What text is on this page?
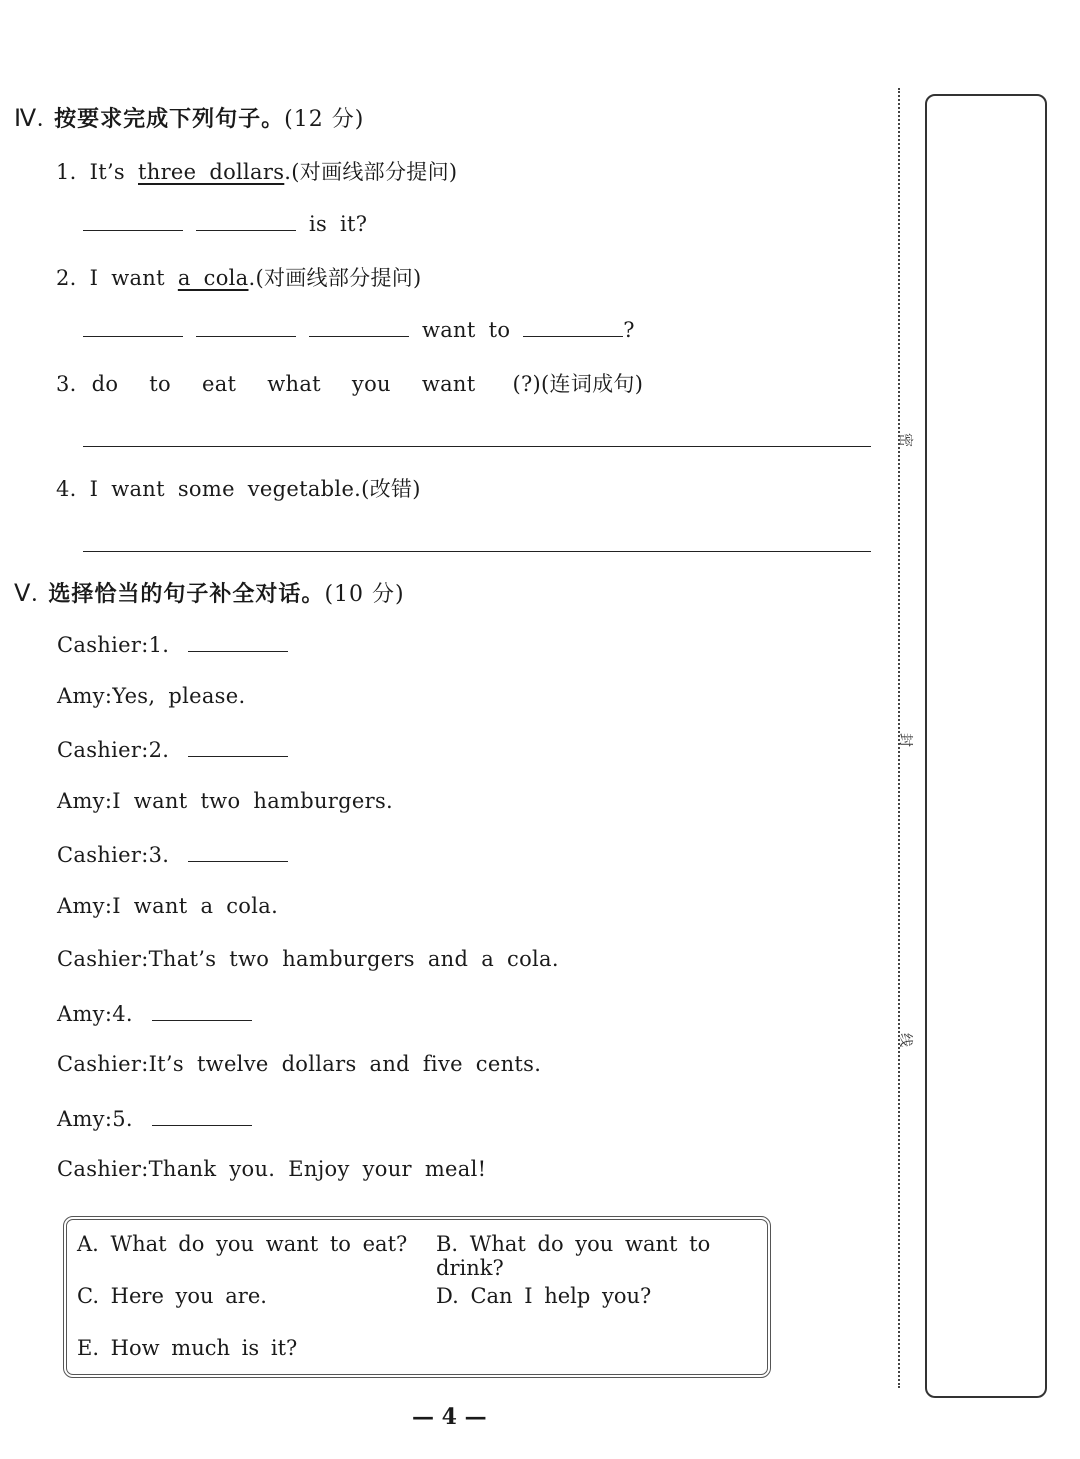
密
封
线
Ⅳ. 按要求完成下列句子。(12 分)
1. It’s three dollars.(对画线部分提问)
is it?
2. I want a cola.(对画线部分提问)
want to	?
3. do to eat what you want (?)(连词成句)
4. I want some vegetable.(改错)
Ⅴ. 选择恰当的句子补全对话。(10 分)
Cashier:1.
Amy:Yes, please.
Cashier:2.
Amy:I want two hamburgers.
Cashier:3.
Amy:I want a cola.
Cashier:That’s two hamburgers and a cola.
Amy:4.
Cashier:It’s twelve dollars and five cents.
Amy:5.
Cashier:Thank you. Enjoy your meal!
A. What do you want to eat? B. What do you want to drink?
C. Here you are.	D. Can I help you?
E. How much is it?
— 4 —
